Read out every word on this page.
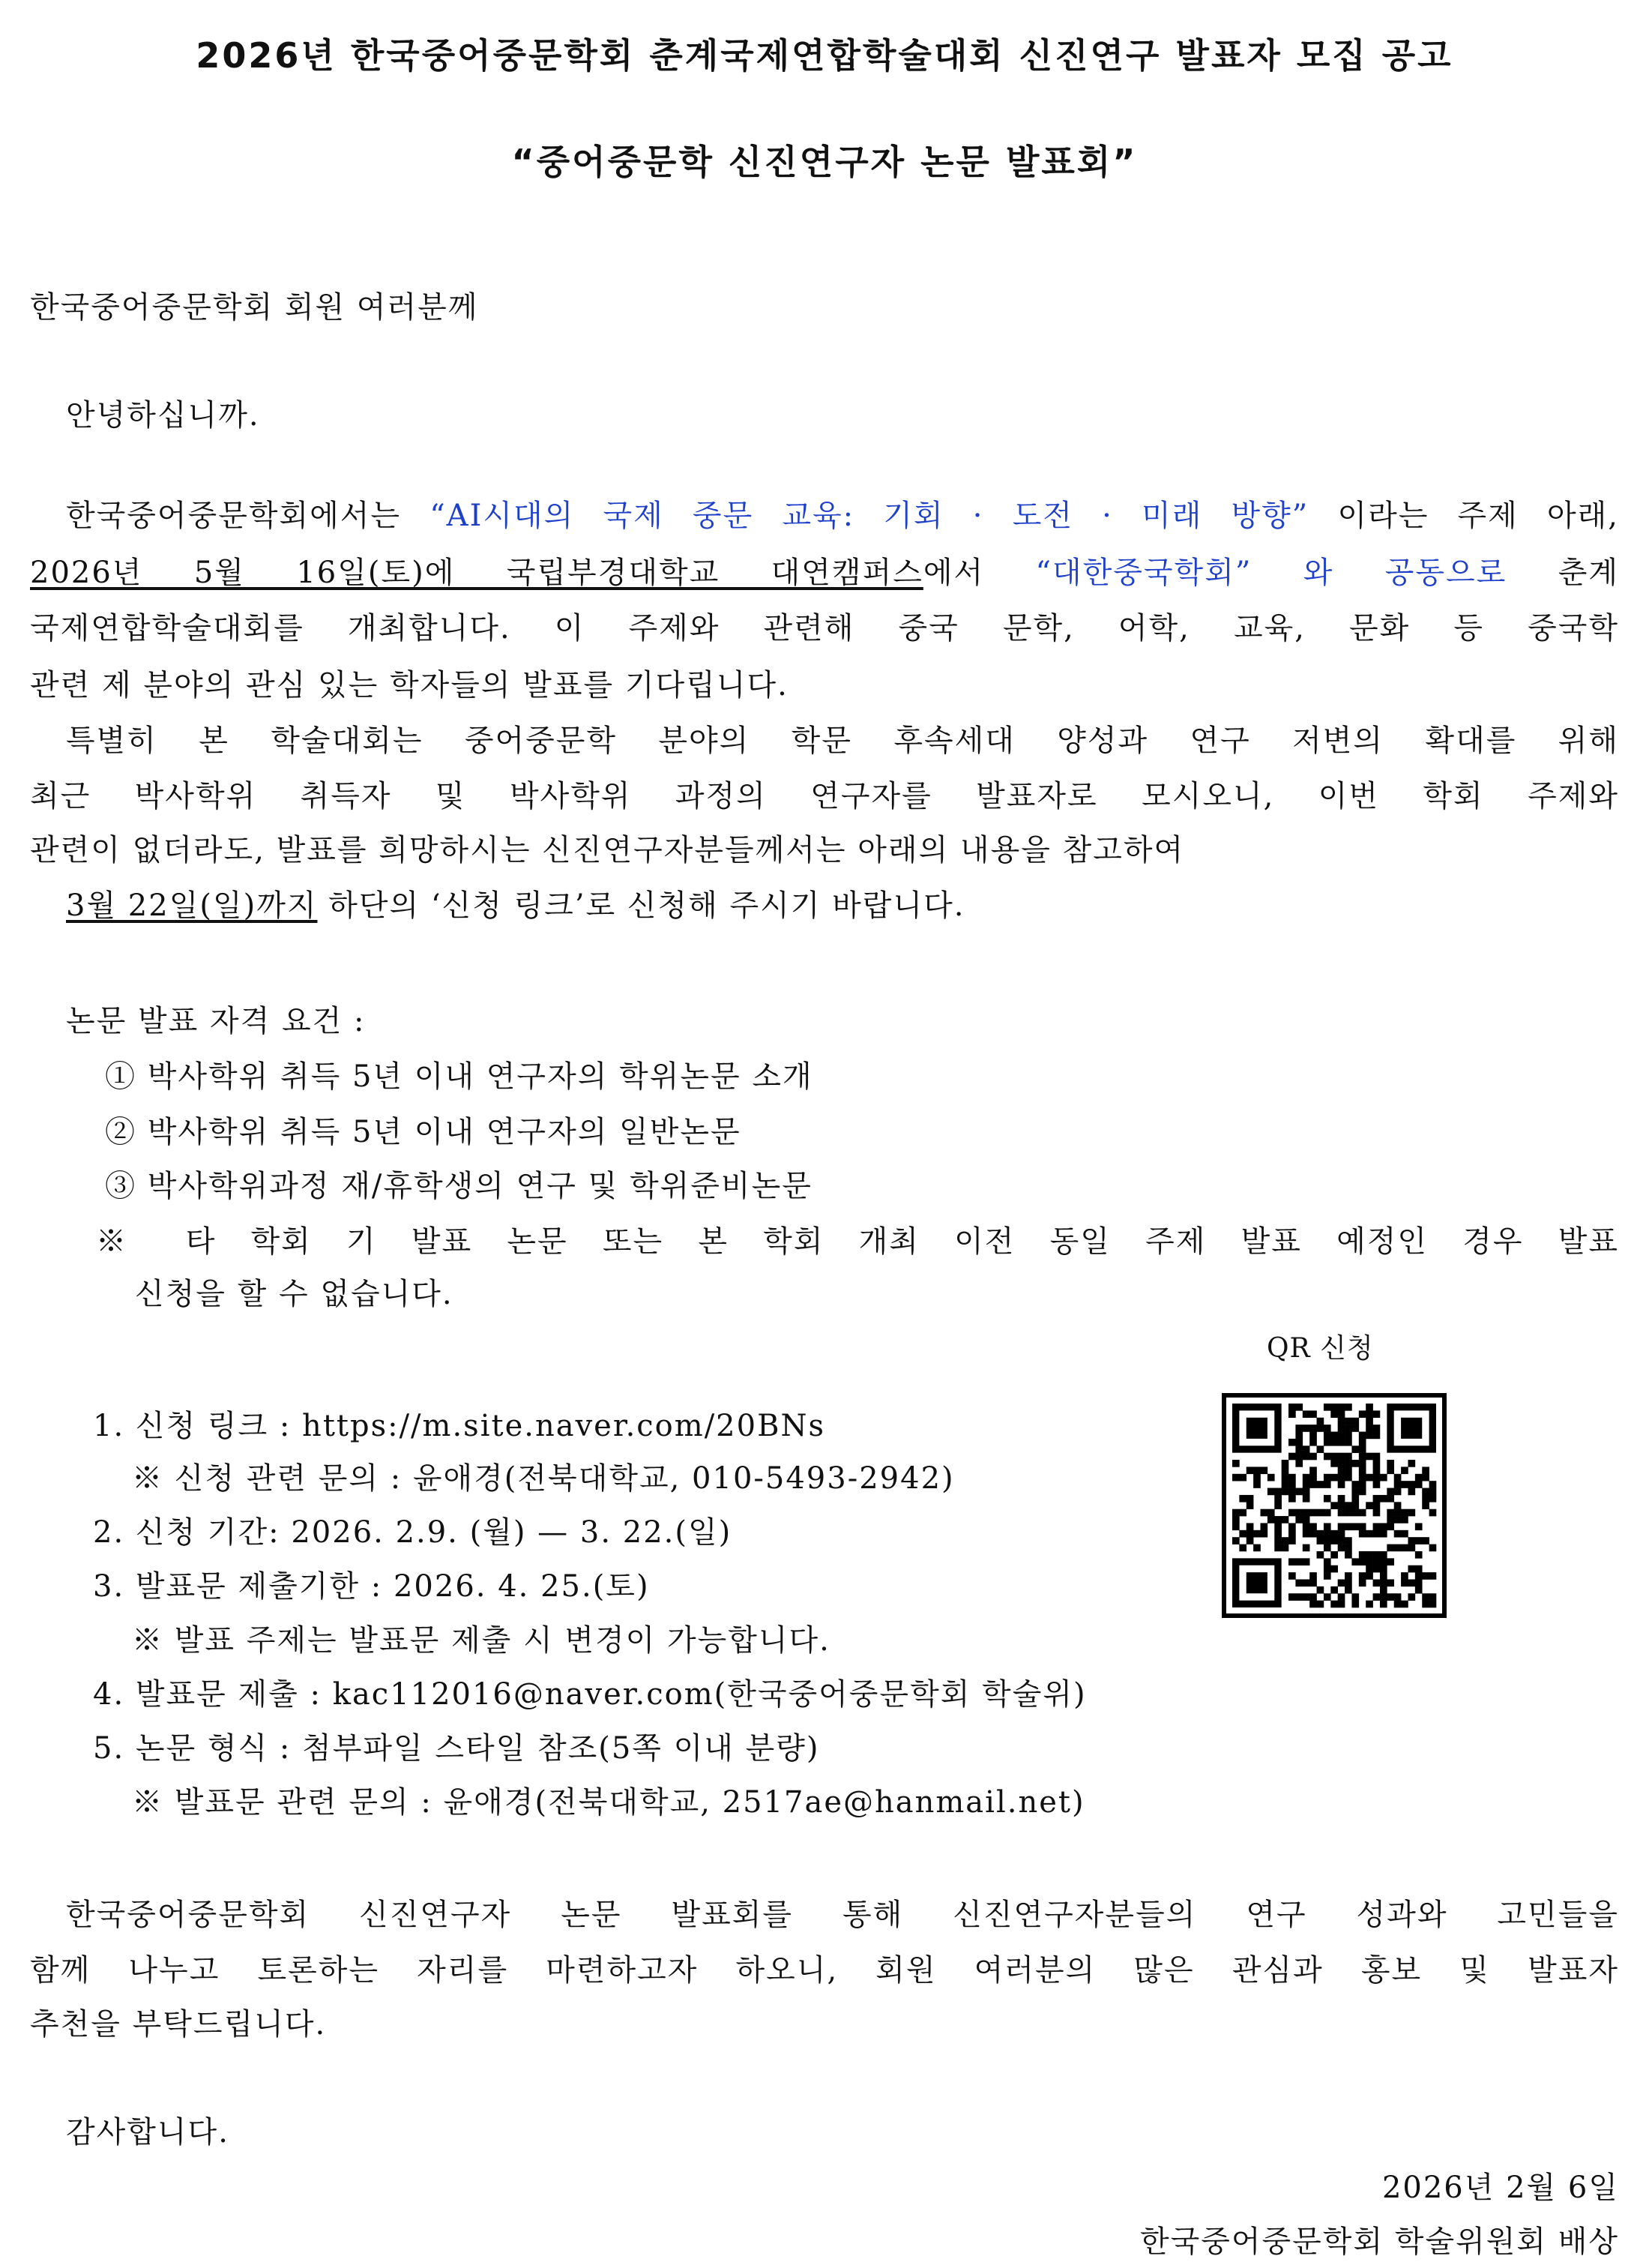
2026년 한국중어중문학회 춘계국제연합학술대회 신진연구 발표자 모집 공고
“중어중문학 신진연구자 논문 발표회”
한국중어중문학회 회원 여러분께
안녕하십니까.
한국중어중문학회에서는 “AI시대의 국제 중문 교육: 기회 · 도전 · 미래 방향” 이라는 주제 아래,
2026년 5월 16일(토)에 국립부경대학교 대연캠퍼스에서 “대한중국학회” 와 공동으로 춘계
국제연합학술대회를 개최합니다. 이 주제와 관련해 중국 문학, 어학, 교육, 문화 등 중국학
관련 제 분야의 관심 있는 학자들의 발표를 기다립니다.
특별히 본 학술대회는 중어중문학 분야의 학문 후속세대 양성과 연구 저변의 확대를 위해
최근 박사학위 취득자 및 박사학위 과정의 연구자를 발표자로 모시오니, 이번 학회 주제와
관련이 없더라도, 발표를 희망하시는 신진연구자분들께서는 아래의 내용을 참고하여
3월 22일(일)까지 하단의 ‘신청 링크’로 신청해 주시기 바랍니다.
논문 발표 자격 요건 :
① 박사학위 취득 5년 이내 연구자의 학위논문 소개
② 박사학위 취득 5년 이내 연구자의 일반논문
③ 박사학위과정 재/휴학생의 연구 및 학위준비논문
※ 타 학회 기 발표 논문 또는 본 학회 개최 이전 동일 주제 발표 예정인 경우 발표
신청을 할 수 없습니다.
QR 신청
1. 신청 링크 : https://m.site.naver.com/20BNs
※ 신청 관련 문의 : 윤애경(전북대학교, 010-5493-2942)
2. 신청 기간: 2026. 2.9. (월) — 3. 22.(일)
3. 발표문 제출기한 : 2026. 4. 25.(토)
※ 발표 주제는 발표문 제출 시 변경이 가능합니다.
4. 발표문 제출 : kac112016@naver.com(한국중어중문학회 학술위)
5. 논문 형식 : 첨부파일 스타일 참조(5쪽 이내 분량)
※ 발표문 관련 문의 : 윤애경(전북대학교, 2517ae@hanmail.net)
한국중어중문학회 신진연구자 논문 발표회를 통해 신진연구자분들의 연구 성과와 고민들을
함께 나누고 토론하는 자리를 마련하고자 하오니, 회원 여러분의 많은 관심과 홍보 및 발표자
추천을 부탁드립니다.
감사합니다.
2026년 2월 6일
한국중어중문학회 학술위원회 배상
